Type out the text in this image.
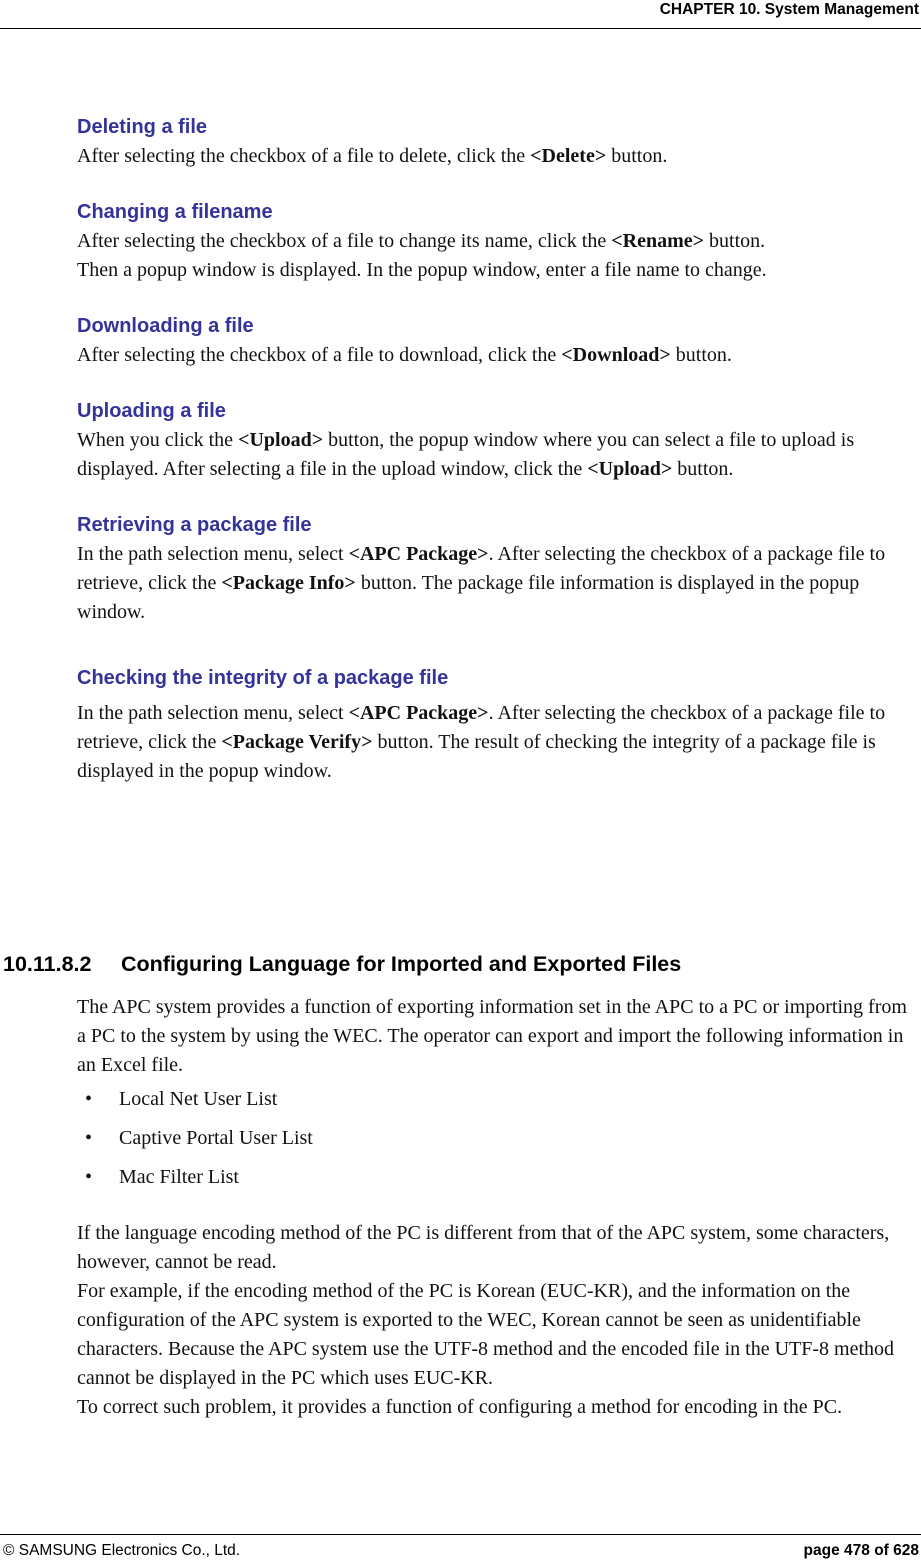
CHAPTER 10. System Management
Deleting a file

After selecting the checkbox of a file to delete, click the <Delete> button.

Changing a filename

After selecting the checkbox of a file to change its name, click the <Rename> button.

Then a popup window is displayed. In the popup window, enter a file name to change.

Downloading a file

After selecting the checkbox of a file to download, click the <Download> button.

Uploading a file

When you click the <Upload> button, the popup window where you can select a file to upload is displayed. After selecting a file in the upload window, click the <Upload> button.

Retrieving a package file

In the path selection menu, select <APC Package>. After selecting the checkbox of a package file to retrieve, click the <Package Info> button. The package file information is displayed in the popup window.

Checking the integrity of a package file

In the path selection menu, select <APC Package>. After selecting the checkbox of a package file to retrieve, click the <Package Verify> button. The result of checking the integrity of a package file is displayed in the popup window.

10.11.8.2 Configuring Language for Imported and Exported Files

The APC system provides a function of exporting information set in the APC to a PC or importing from a PC to the system by using the WEC. The operator can export and import the following information in an Excel file.

• Local Net User List
• Captive Portal User List
• Mac Filter List

If the language encoding method of the PC is different from that of the APC system, some characters, however, cannot be read.

For example, if the encoding method of the PC is Korean (EUC-KR), and the information on the configuration of the APC system is exported to the WEC, Korean cannot be seen as unidentifiable characters. Because the APC system use the UTF-8 method and the encoded file in the UTF-8 method cannot be displayed in the PC which uses EUC-KR.

To correct such problem, it provides a function of configuring a method for encoding in the PC.

© SAMSUNG Electronics Co., Ltd.	page 478 of 628
